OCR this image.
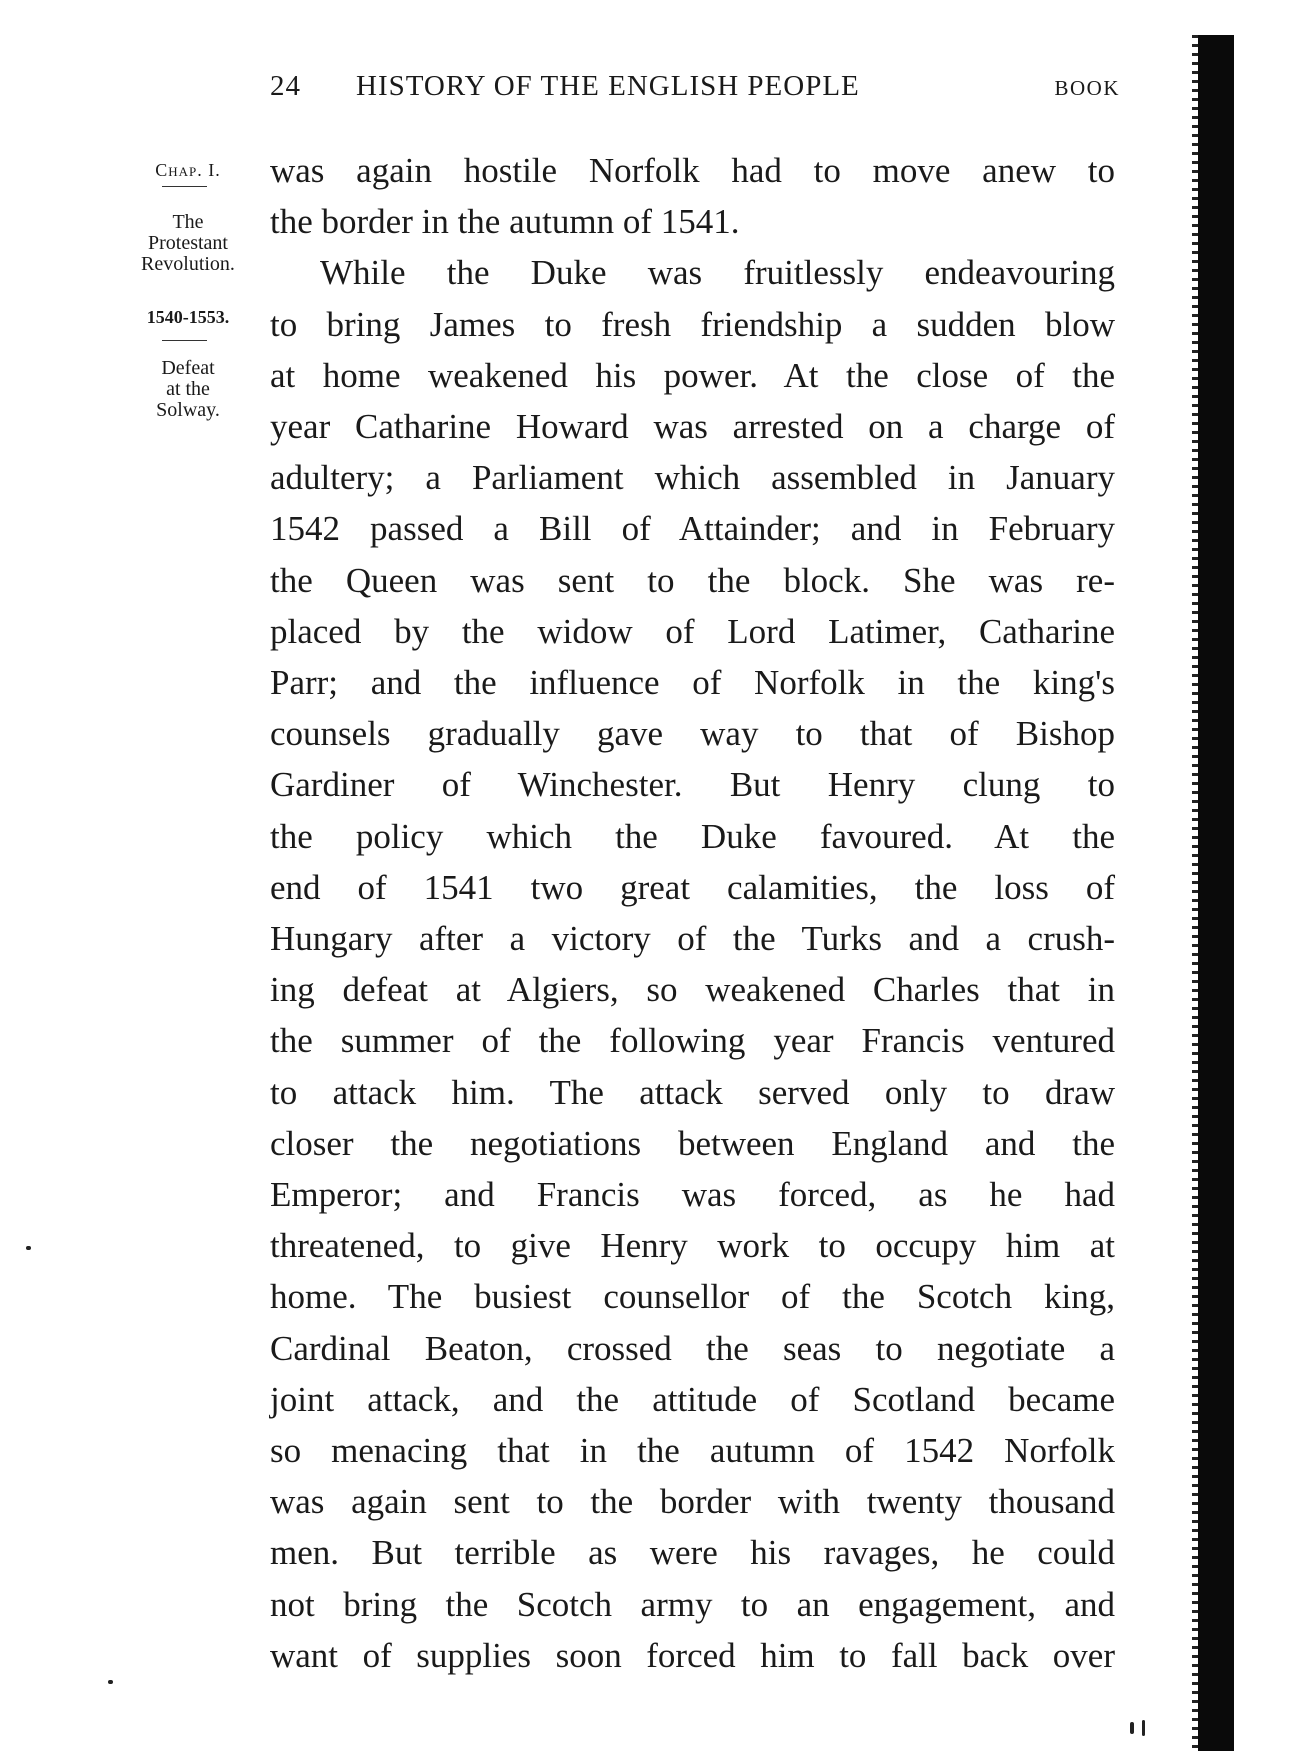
24	HISTORY OF THE ENGLISH PEOPLE	BOOK
Chap. I.
The
Protestant
Revolution.
1540-1553.
Defeat
at the
Solway.
was again hostile Norfolk had to move anew to
the border in the autumn of 1541.
While the Duke was fruitlessly endeavouring
to bring James to fresh friendship a sudden blow
at home weakened his power. At the close of the
year Catharine Howard was arrested on a charge of
adultery; a Parliament which assembled in January
1542 passed a Bill of Attainder; and in February
the Queen was sent to the block. She was re-
placed by the widow of Lord Latimer, Catharine
Parr; and the influence of Norfolk in the king's
counsels gradually gave way to that of Bishop
Gardiner of Winchester. But Henry clung to
the policy which the Duke favoured. At the
end of 1541 two great calamities, the loss of
Hungary after a victory of the Turks and a crush-
ing defeat at Algiers, so weakened Charles that in
the summer of the following year Francis ventured
to attack him. The attack served only to draw
closer the negotiations between England and the
Emperor; and Francis was forced, as he had
threatened, to give Henry work to occupy him at
home. The busiest counsellor of the Scotch king,
Cardinal Beaton, crossed the seas to negotiate a
joint attack, and the attitude of Scotland became
so menacing that in the autumn of 1542 Norfolk
was again sent to the border with twenty thousand
men. But terrible as were his ravages, he could
not bring the Scotch army to an engagement, and
want of supplies soon forced him to fall back over
